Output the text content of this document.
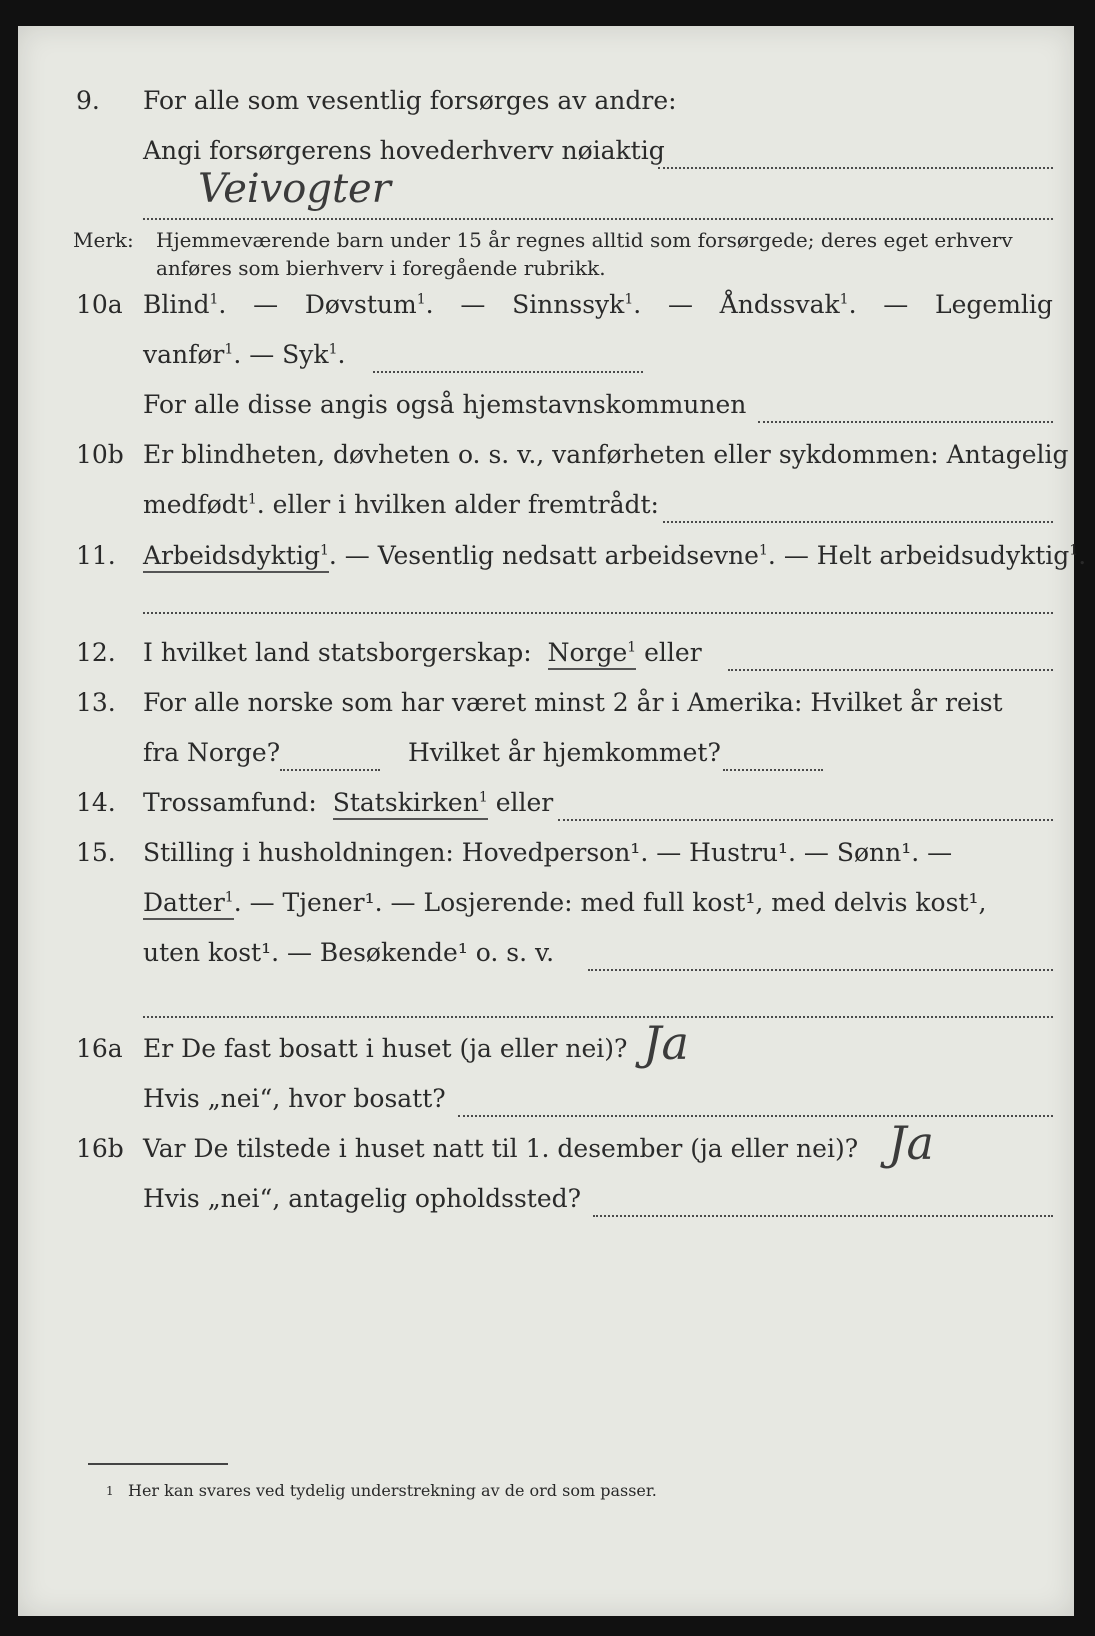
9. For alle som vesentlig forsørges av andre:
Angi forsørgerens hovederhverv nøiaktig
Veivogter
Merk: Hjemmeværende barn under 15 år regnes alltid som forsørgede; deres eget erhverv
anføres som bierhverv i foregående rubrikk.
10a Blind$^1$. — Døvstum$^1$. — Sinnssyk$^1$. — Åndssvak$^1$. — Legemlig
vanfør$^1$. — Syk$^1$.
For alle disse angis også hjemstavnskommunen
10b Er blindheten, døvheten o. s. v., vanførheten eller sykdommen: Antagelig
medfødt$^1$. eller i hvilken alder fremtrådt:
11. Arbeidsdyktig$^1$. — Vesentlig nedsatt arbeidsevne$^1$. — Helt arbeidsudyktig$^1$.
12. I hvilket land statsborgerskap: Norge$^1$ eller
13. For alle norske som har været minst 2 år i Amerika: Hvilket år reist
fra Norge?	Hvilket år hjemkommet?
14. Trossamfund: Statskirken$^1$ eller
15. Stilling i husholdningen: Hovedperson¹. — Hustru¹. — Sønn¹. —
Datter$^1$. — Tjener¹. — Losjerende: med full kost¹, med delvis kost¹,
uten kost¹. — Besøkende¹ o. s. v.
16a Er De fast bosatt i huset (ja eller nei)? Ja
Hvis „nei“, hvor bosatt?
16b Var De tilstede i huset natt til 1. desember (ja eller nei)? Ja
Hvis „nei“, antagelig opholdssted?
1 Her kan svares ved tydelig understrekning av de ord som passer.
